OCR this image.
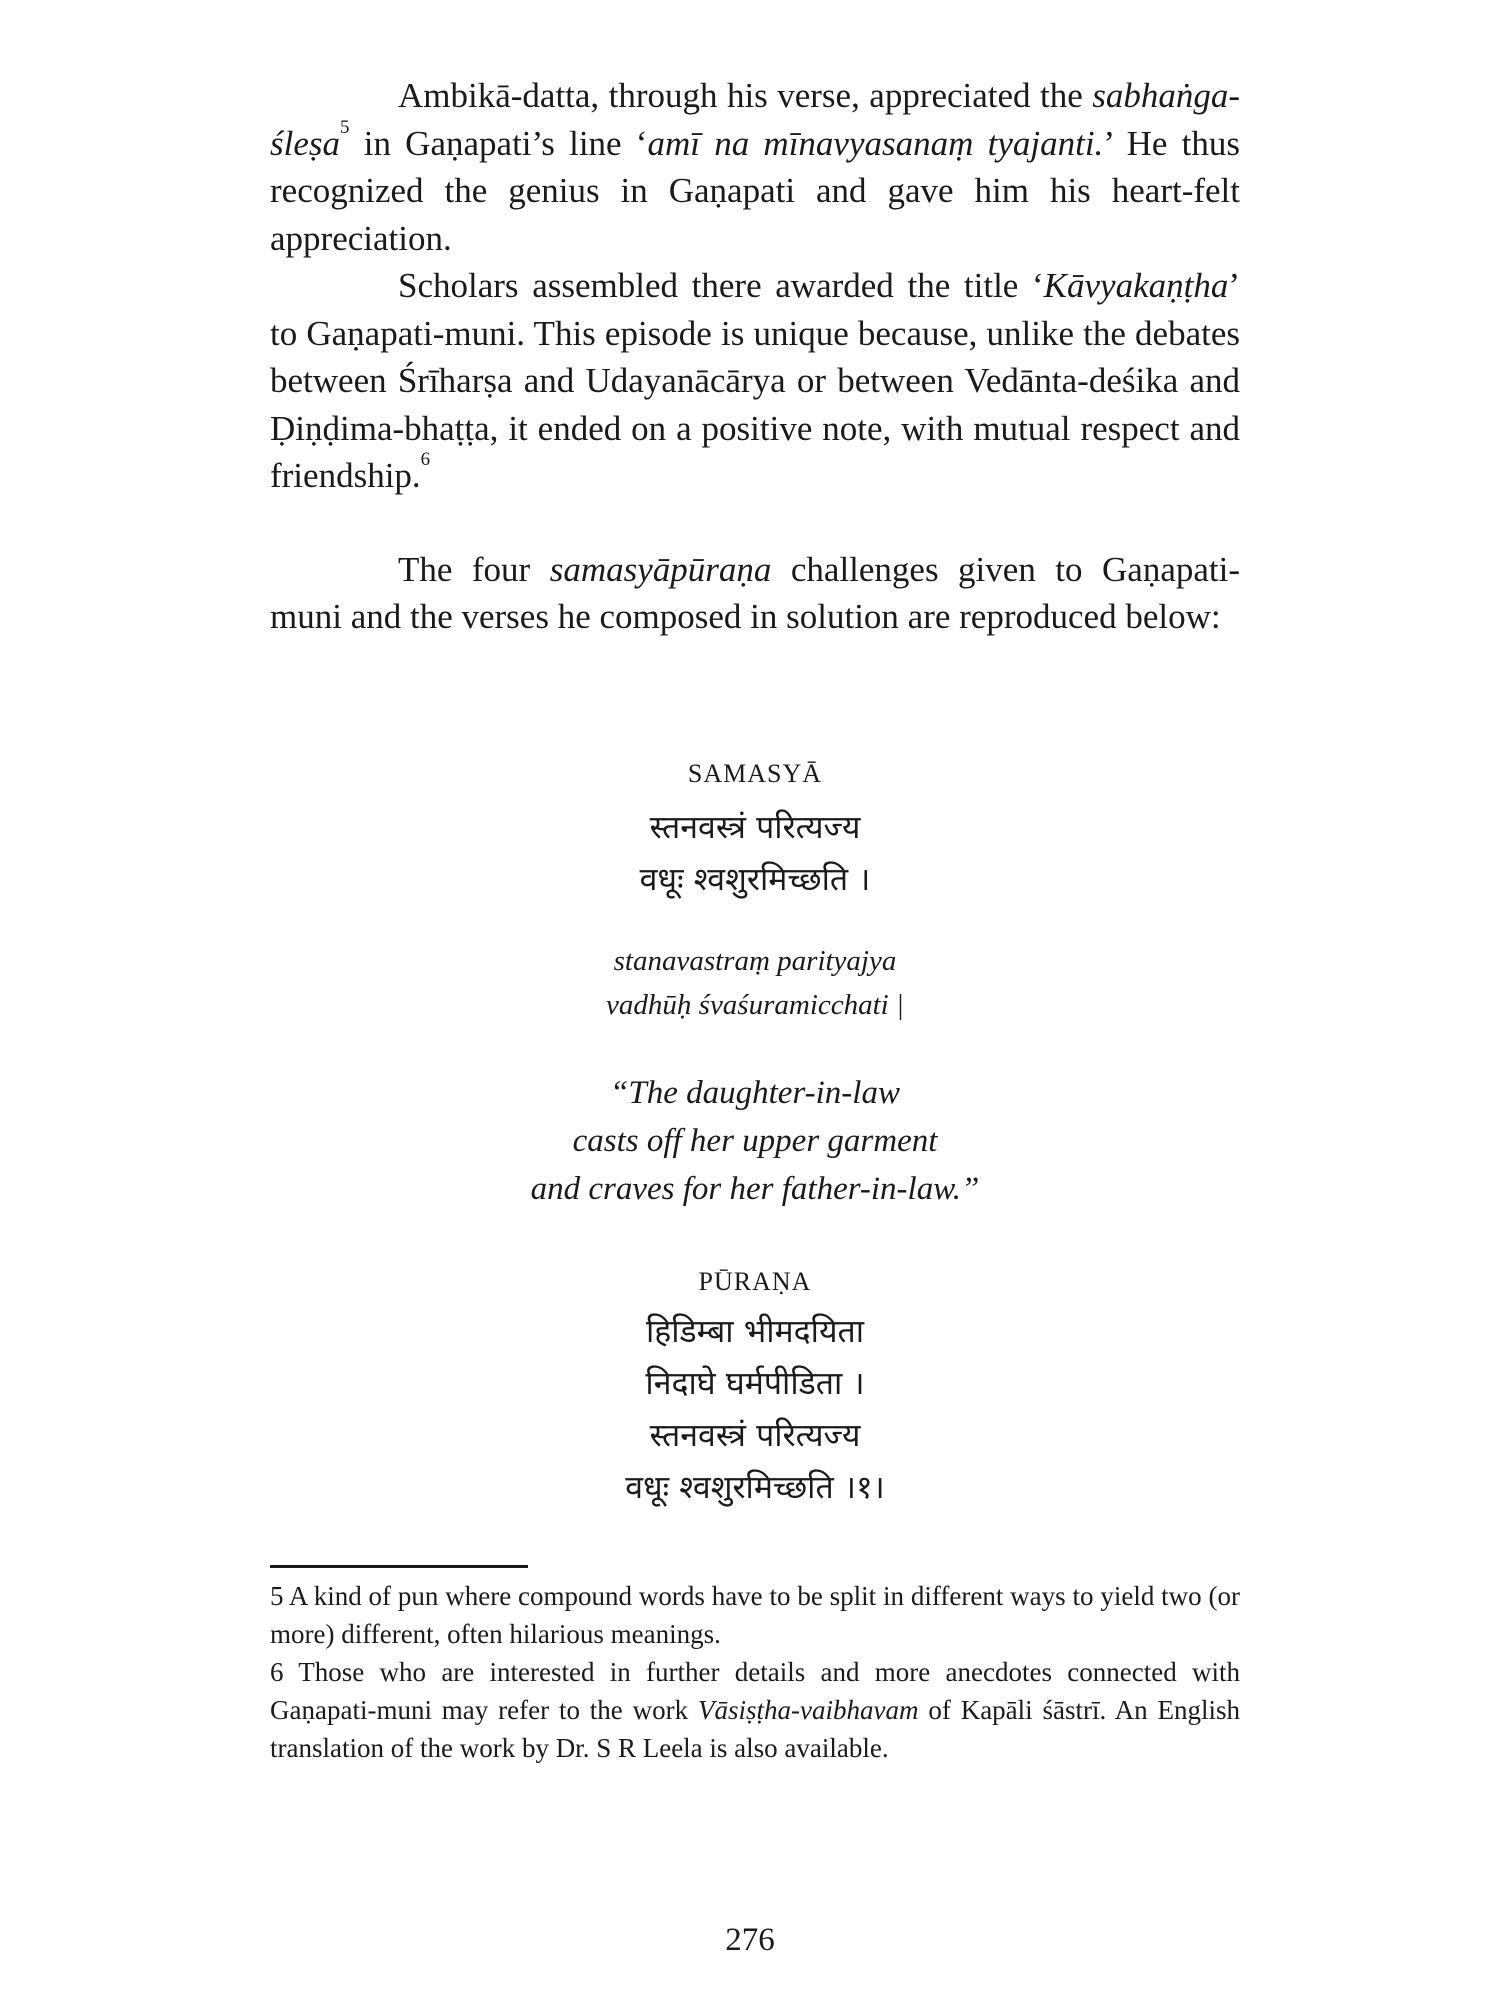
Ambikā-datta, through his verse, appreciated the sabhaṅga-śleṣa$^5$ in Gaṇapati’s line ‘amī na mīnavyasanaṃ tyajanti.’ He thus recognized the genius in Gaṇapati and gave him his heart-felt appreciation.

Scholars assembled there awarded the title ‘Kāvyakaṇṭha’ to Gaṇapati-muni. This episode is unique because, unlike the debates between Śrīharṣa and Udayanācārya or between Vedānta-deśika and Ḍiṇḍima-bhaṭṭa, it ended on a positive note, with mutual respect and friendship.$^6$

The four samasyāpūraṇa challenges given to Gaṇapati-muni and the verses he composed in solution are reproduced below:

SAMASYĀ

स्तनवस्त्रं परित्यज्य

वधूः श्वशुरमिच्छति ।

stanavastraṃ parityajya

vadhūḥ śvaśuramicchati |

“The daughter-in-law

casts off her upper garment

and craves for her father-in-law.”

PŪRAṆA

हिडिम्बा भीमदयिता

निदाघे घर्मपीडिता ।

स्तनवस्त्रं परित्यज्य

वधूः श्वशुरमिच्छति ।१।

5 A kind of pun where compound words have to be split in different ways to yield two (or more) different, often hilarious meanings.

6 Those who are interested in further details and more anecdotes connected with Gaṇapati-muni may refer to the work Vāsiṣṭha-vaibhavam of Kapāli śāstrī. An English translation of the work by Dr. S R Leela is also available.

276
